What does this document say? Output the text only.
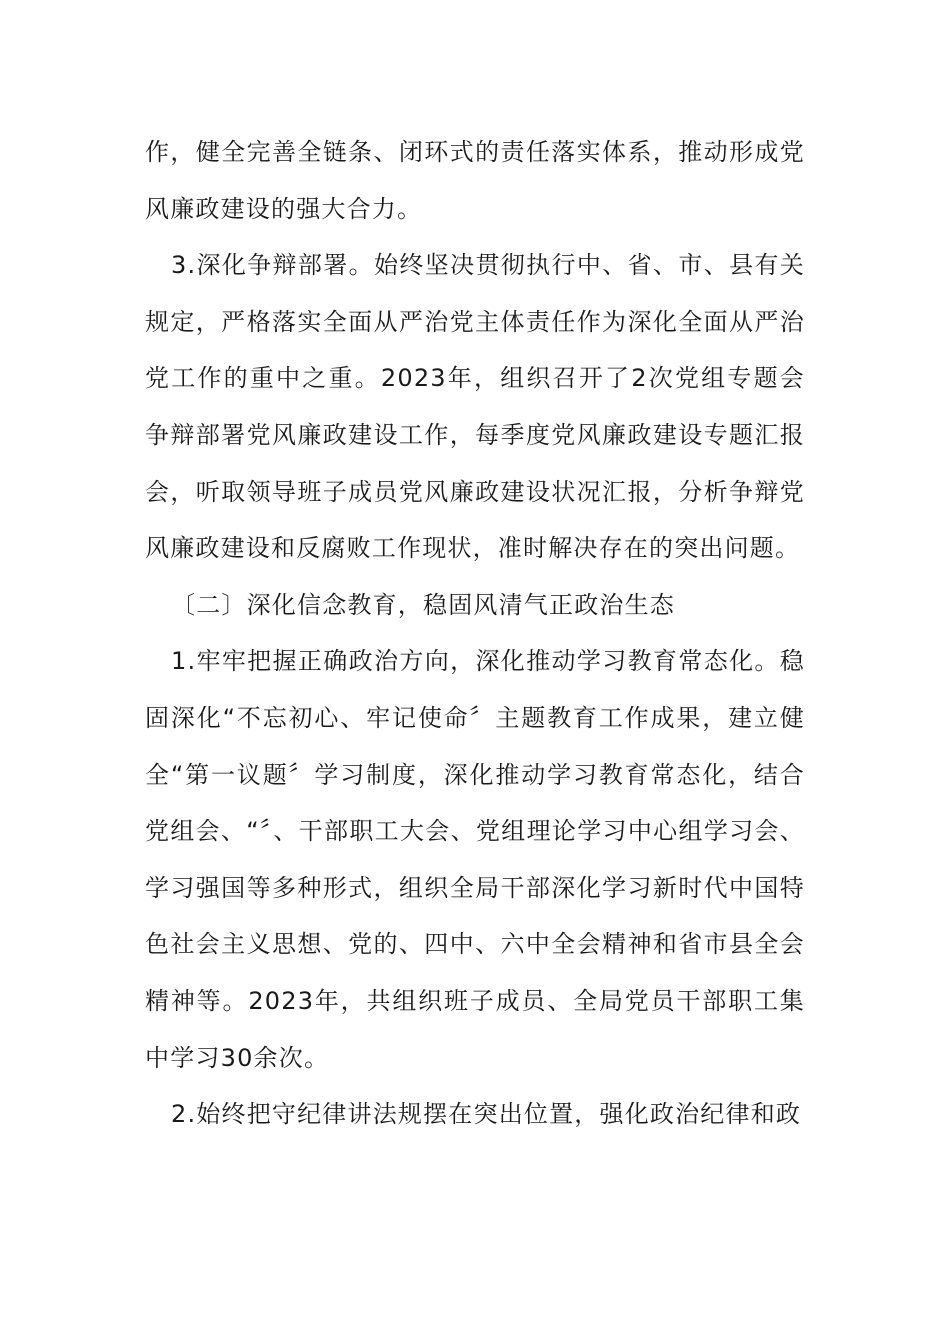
作，健全完善全链条、闭环式的责任落实体系，推动形成党风廉政建设的强大合力。

3.深化争辩部署。始终坚决贯彻执行中、省、市、县有关规定，严格落实全面从严治党主体责任作为深化全面从严治党工作的重中之重。2023年，组织召开了2次党组专题会争辩部署党风廉政建设工作，每季度党风廉政建设专题汇报会，听取领导班子成员党风廉政建设状况汇报，分析争辩党风廉政建设和反腐败工作现状，准时解决存在的突出问题。

〔二〕深化信念教育，稳固风清气正政治生态

1.牢牢把握正确政治方向，深化推动学习教育常态化。稳固深化“不忘初心、牢记使命〞主题教育工作成果，建立健全“第一议题〞学习制度，深化推动学习教育常态化，结合党组会、“〞、干部职工大会、党组理论学习中心组学习会、学习强国等多种形式，组织全局干部深化学习新时代中国特色社会主义思想、党的、四中、六中全会精神和省市县全会精神等。2023年，共组织班子成员、全局党员干部职工集中学习30余次。

2.始终把守纪律讲法规摆在突出位置，强化政治纪律和政
